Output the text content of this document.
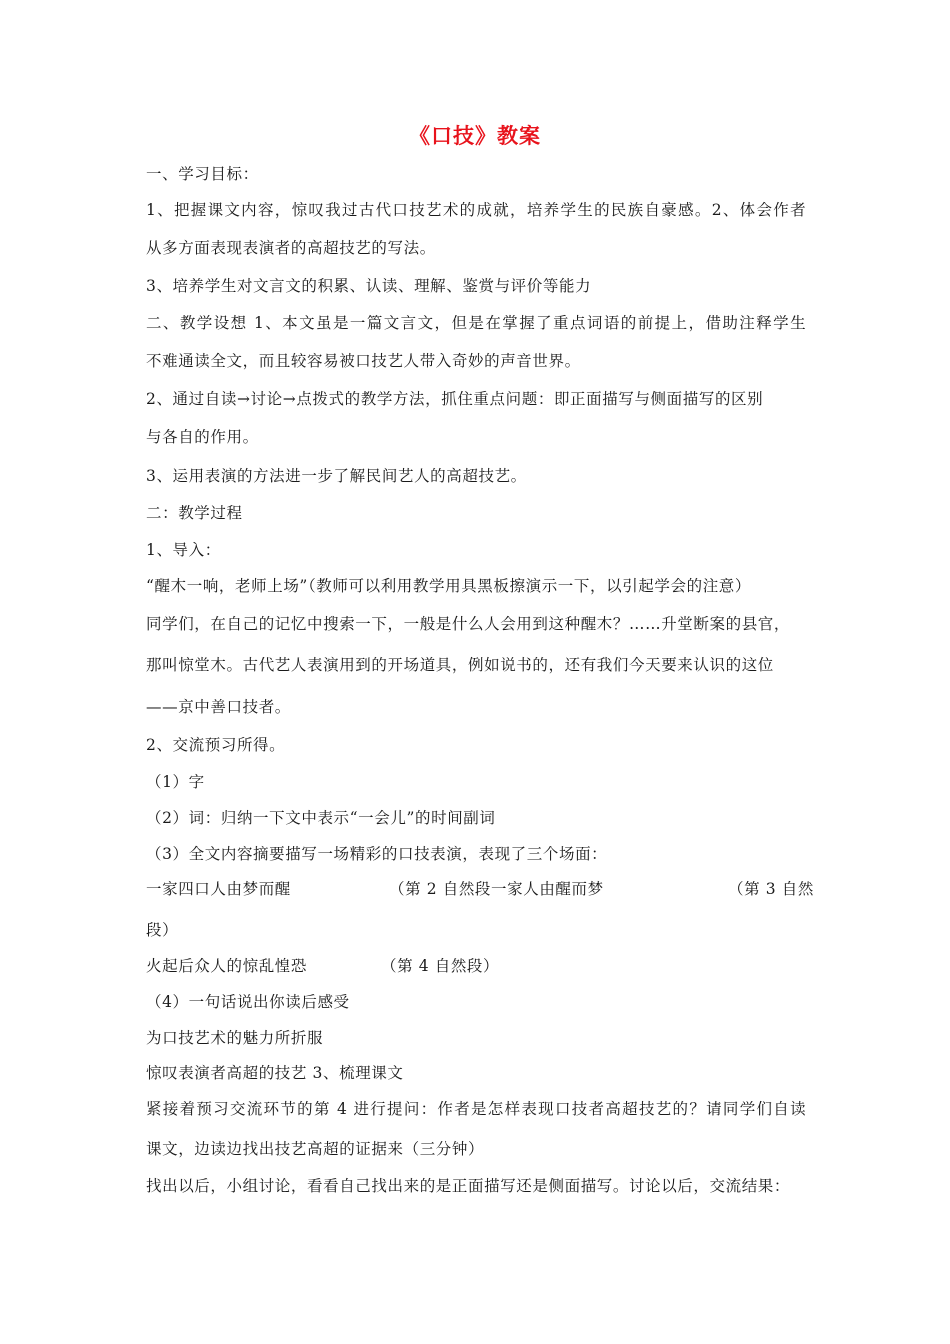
《口技》教案
一、学习目标：
1、把握课文内容，惊叹我过古代口技艺术的成就，培养学生的民族自豪感。2、体会作者
从多方面表现表演者的高超技艺的写法。
3、培养学生对文言文的积累、认读、理解、鉴赏与评价等能力
二、教学设想 1、本文虽是一篇文言文，但是在掌握了重点词语的前提上，借助注释学生
不难通读全文，而且较容易被口技艺人带入奇妙的声音世界。
2、通过自读→讨论→点拨式的教学方法，抓住重点问题：即正面描写与侧面描写的区别
与各自的作用。
3、运用表演的方法进一步了解民间艺人的高超技艺。
二：教学过程
1、导入：
“醒木一响，老师上场”（教师可以利用教学用具黑板擦演示一下，以引起学会的注意）
同学们，在自己的记忆中搜索一下，一般是什么人会用到这种醒木？……升堂断案的县官，
那叫惊堂木。古代艺人表演用到的开场道具，例如说书的，还有我们今天要来认识的这位
——京中善口技者。
2、交流预习所得。
（1）字
（2）词：归纳一下文中表示“一会儿”的时间副词
（3）全文内容摘要描写一场精彩的口技表演，表现了三个场面：
一家四口人由梦而醒	（第 2 自然段一家人由醒而梦	（第 3 自然
段）
火起后众人的惊乱惶恐	（第 4 自然段）
（4）一句话说出你读后感受
为口技艺术的魅力所折服
惊叹表演者高超的技艺 3、梳理课文
紧接着预习交流环节的第 4 进行提问：作者是怎样表现口技者高超技艺的？请同学们自读
课文，边读边找出技艺高超的证据来（三分钟）
找出以后，小组讨论，看看自己找出来的是正面描写还是侧面描写。讨论以后，交流结果：
